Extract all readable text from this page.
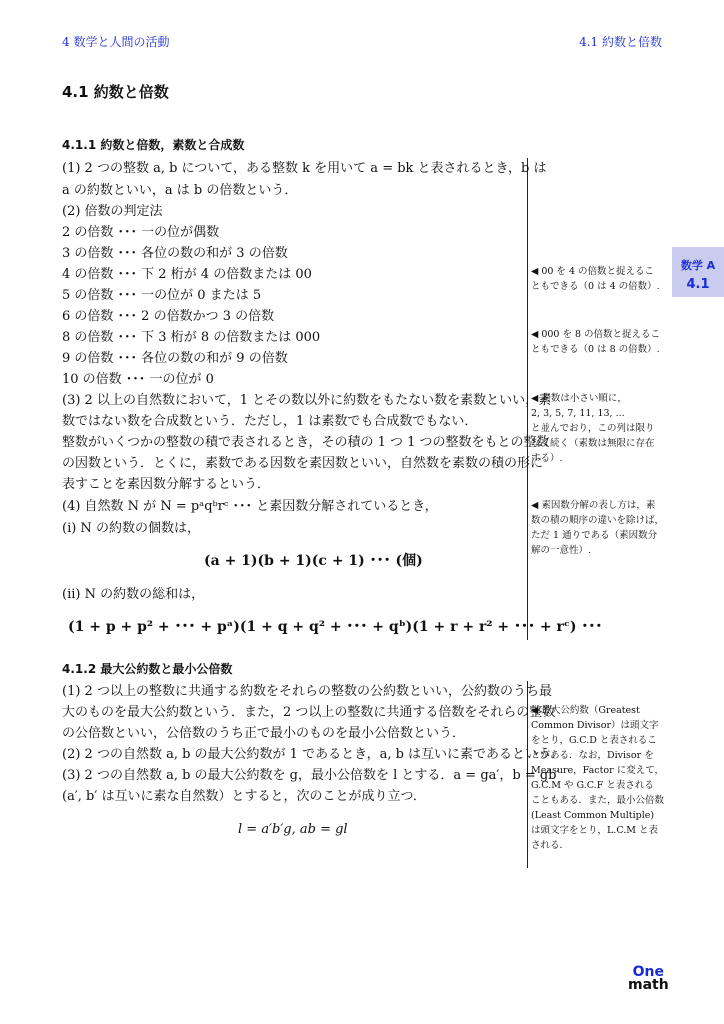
4 数学と人間の活動	4.1 約数と倍数
数学 A
4.1
4.1 約数と倍数
4.1.1 約数と倍数，素数と合成数
(1) 2 つの整数 a, b について，ある整数 k を用いて a = bk と表されるとき，b は
a の約数といい，a は b の倍数という．
(2) 倍数の判定法
2 の倍数 ･･･ 一の位が偶数
3 の倍数 ･･･ 各位の数の和が 3 の倍数
4 の倍数 ･･･ 下 2 桁が 4 の倍数または 00
5 の倍数 ･･･ 一の位が 0 または 5
6 の倍数 ･･･ 2 の倍数かつ 3 の倍数
8 の倍数 ･･･ 下 3 桁が 8 の倍数または 000
9 の倍数 ･･･ 各位の数の和が 9 の倍数
10 の倍数 ･･･ 一の位が 0
(3) 2 以上の自然数において，1 とその数以外に約数をもたない数を素数といい，素
数ではない数を合成数という．ただし，1 は素数でも合成数でもない．
整数がいくつかの整数の積で表されるとき，その積の 1 つ 1 つの整数をもとの整数
の因数という．とくに，素数である因数を素因数といい，自然数を素数の積の形に
表すことを素因数分解するという．
(4) 自然数 N が N = pᵃqᵇrᶜ ･･･ と素因数分解されているとき，
(i) N の約数の個数は，
(a + 1)(b + 1)(c + 1) ･･･ (個)
(ii) N の約数の総和は，
(1 + p + p² + ･･･ + pᵃ)(1 + q + q² + ･･･ + qᵇ)(1 + r + r² + ･･･ + rᶜ) ･･･
◀ 00 を 4 の倍数と捉えるこ
ともできる（0 は 4 の倍数）.
◀ 000 を 8 の倍数と捉えるこ
ともできる（0 は 8 の倍数）.
◀ 素数は小さい順に，
2, 3, 5, 7, 11, 13, ...
と並んでおり，この列は限り
なく続く（素数は無限に存在
する）.
◀ 素因数分解の表し方は，素
数の積の順序の違いを除けば，
ただ 1 通りである（素因数分
解の一意性）.
4.1.2 最大公約数と最小公倍数
(1) 2 つ以上の整数に共通する約数をそれらの整数の公約数といい，公約数のうち最
大のものを最大公約数という．また，2 つ以上の整数に共通する倍数をそれらの整数
の公倍数といい，公倍数のうち正で最小のものを最小公倍数という．
(2) 2 つの自然数 a, b の最大公約数が 1 であるとき，a, b は互いに素であるという．
(3) 2 つの自然数 a, b の最大公約数を g，最小公倍数を l とする．a = ga′，b = gb′
(a′, b′ は互いに素な自然数）とすると，次のことが成り立つ．
l = a′b′g, ab = gl
◀ 最大公約数（Greatest
Common Divisor）は頭文字
をとり，G.C.D と表されるこ
とがある．なお，Divisor を
Measure，Factor に変えて，
G.C.M や G.C.F と表される
こともある．また，最小公倍数
(Least Common Multiple)
は頭文字をとり，L.C.M と表
される．
One
math
